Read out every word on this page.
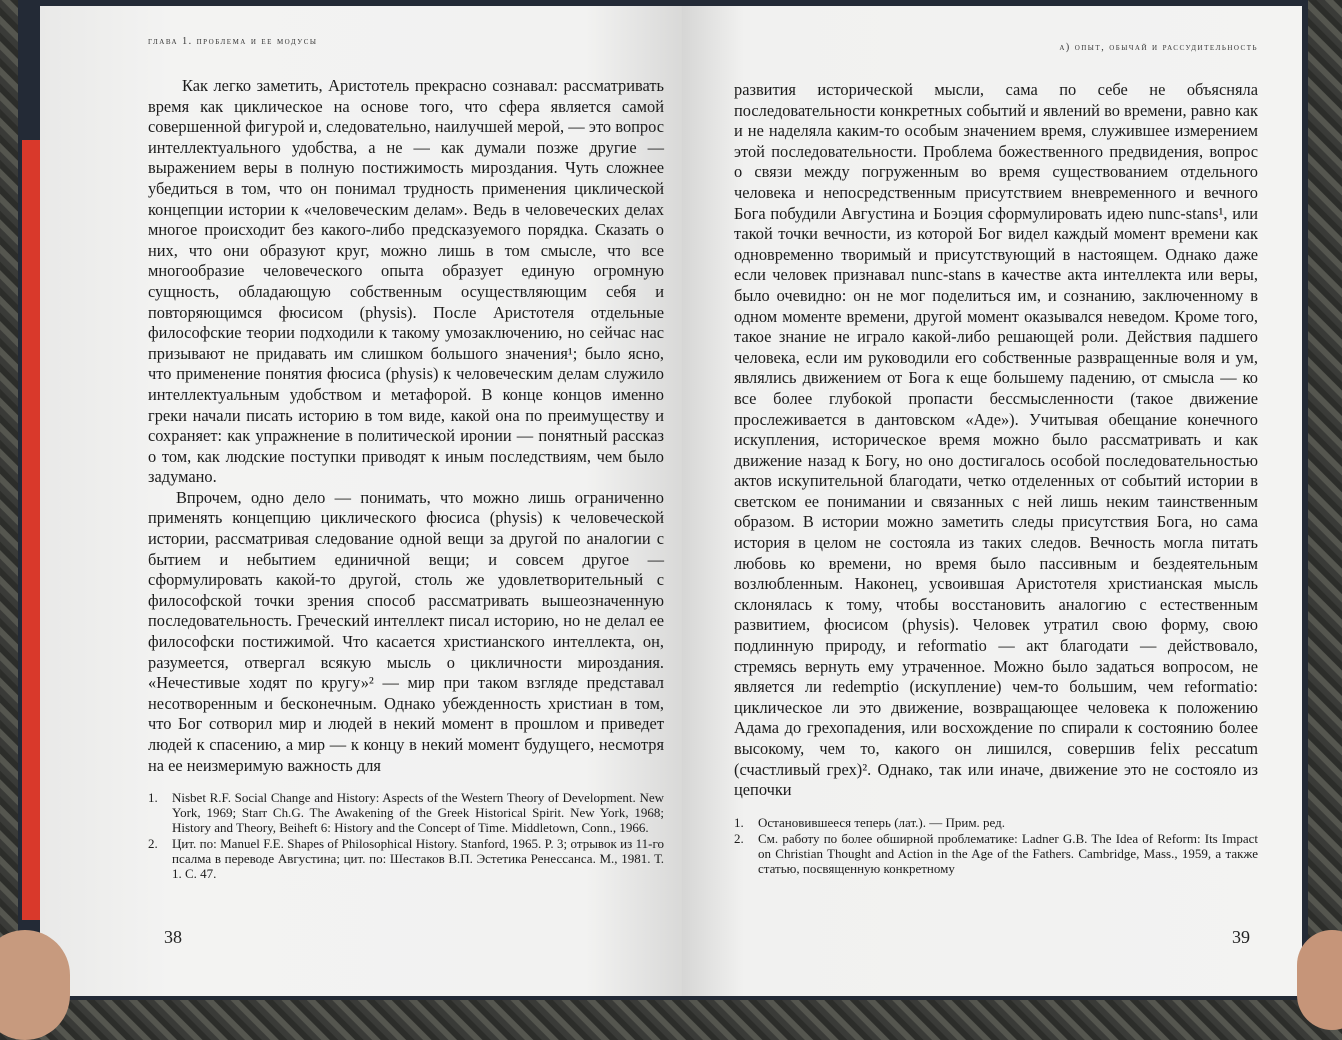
глава 1. проблема и ее модусы

Как легко заметить, Аристотель прекрасно сознавал: рассматривать время как циклическое на основе того, что сфера является самой совершенной фигурой и, следовательно, наилучшей мерой, — это вопрос интеллектуального удобства, а не — как думали позже другие — выражением веры в полную постижимость мироздания. Чуть сложнее убедиться в том, что он понимал трудность применения циклической концепции истории к «человеческим делам». Ведь в человеческих делах многое происходит без какого-либо предсказуемого порядка. Сказать о них, что они образуют круг, можно лишь в том смысле, что все многообразие человеческого опыта образует единую огромную сущность, обладающую собственным осуществляющим себя и повторяющимся фюсисом (physis). После Аристотеля отдельные философские теории подходили к такому умозаключению, но сейчас нас призывают не придавать им слишком большого значения¹; было ясно, что применение понятия фюсиса (physis) к человеческим делам служило интеллектуальным удобством и метафорой. В конце концов именно греки начали писать историю в том виде, какой она по преимуществу и сохраняет: как упражнение в политической иронии — понятный рассказ о том, как людские поступки приводят к иным последствиям, чем было задумано.

Впрочем, одно дело — понимать, что можно лишь ограниченно применять концепцию циклического фюсиса (physis) к человеческой истории, рассматривая следование одной вещи за другой по аналогии с бытием и небытием единичной вещи; и совсем другое — сформулировать какой-то другой, столь же удовлетворительный с философской точки зрения способ рассматривать вышеозначенную последовательность. Греческий интеллект писал историю, но не делал ее философски постижимой. Что касается христианского интеллекта, он, разумеется, отвергал всякую мысль о цикличности мироздания. «Нечестивые ходят по кругу»² — мир при таком взгляде представал несотворенным и бесконечным. Однако убежденность христиан в том, что Бог сотворил мир и людей в некий момент в прошлом и приведет людей к спасению, а мир — к концу в некий момент будущего, несмотря на ее неизмеримую важность для

1.	Nisbet R.F. Social Change and History: Aspects of the Western Theory of Development. New York, 1969; Starr Ch.G. The Awakening of the Greek Historical Spirit. New York, 1968; History and Theory, Beiheft 6: History and the Concept of Time. Middletown, Conn., 1966.
2.	Цит. по: Manuel F.E. Shapes of Philosophical History. Stanford, 1965. P. 3; отрывок из 11-го псалма в переводе Августина; цит. по: Шестаков В.П. Эстетика Ренессанса. М., 1981. Т. 1. С. 47.
38
а) опыт, обычай и рассудительность

развития исторической мысли, сама по себе не объясняла последовательности конкретных событий и явлений во времени, равно как и не наделяла каким-то особым значением время, служившее измерением этой последовательности. Проблема божественного предвидения, вопрос о связи между погруженным во время существованием отдельного человека и непосредственным присутствием вневременного и вечного Бога побудили Августина и Боэция сформулировать идею nunc-stans¹, или такой точки вечности, из которой Бог видел каждый момент времени как одновременно творимый и присутствующий в настоящем. Однако даже если человек признавал nunc-stans в качестве акта интеллекта или веры, было очевидно: он не мог поделиться им, и сознанию, заключенному в одном моменте времени, другой момент оказывался неведом. Кроме того, такое знание не играло какой-либо решающей роли. Действия падшего человека, если им руководили его собственные развращенные воля и ум, являлись движением от Бога к еще большему падению, от смысла — ко все более глубокой пропасти бессмысленности (такое движение прослеживается в дантовском «Аде»). Учитывая обещание конечного искупления, историческое время можно было рассматривать и как движение назад к Богу, но оно достигалось особой последовательностью актов искупительной благодати, четко отделенных от событий истории в светском ее понимании и связанных с ней лишь неким таинственным образом. В истории можно заметить следы присутствия Бога, но сама история в целом не состояла из таких следов. Вечность могла питать любовь ко времени, но время было пассивным и бездеятельным возлюбленным. Наконец, усвоившая Аристотеля христианская мысль склонялась к тому, чтобы восстановить аналогию с естественным развитием, фюсисом (physis). Человек утратил свою форму, свою подлинную природу, и reformatio — акт благодати — действовало, стремясь вернуть ему утраченное. Можно было задаться вопросом, не является ли redemptio (искупление) чем-то большим, чем reformatio: циклическое ли это движение, возвращающее человека к положению Адама до грехопадения, или восхождение по спирали к состоянию более высокому, чем то, какого он лишился, совершив felix peccatum (счастливый грех)². Однако, так или иначе, движение это не состояло из цепочки

1.	Остановившееся теперь (лат.). — Прим. ред.
2.	См. работу по более обширной проблематике: Ladner G.B. The Idea of Reform: Its Impact on Christian Thought and Action in the Age of the Fathers. Cambridge, Mass., 1959, а также статью, посвященную конкретному
39
